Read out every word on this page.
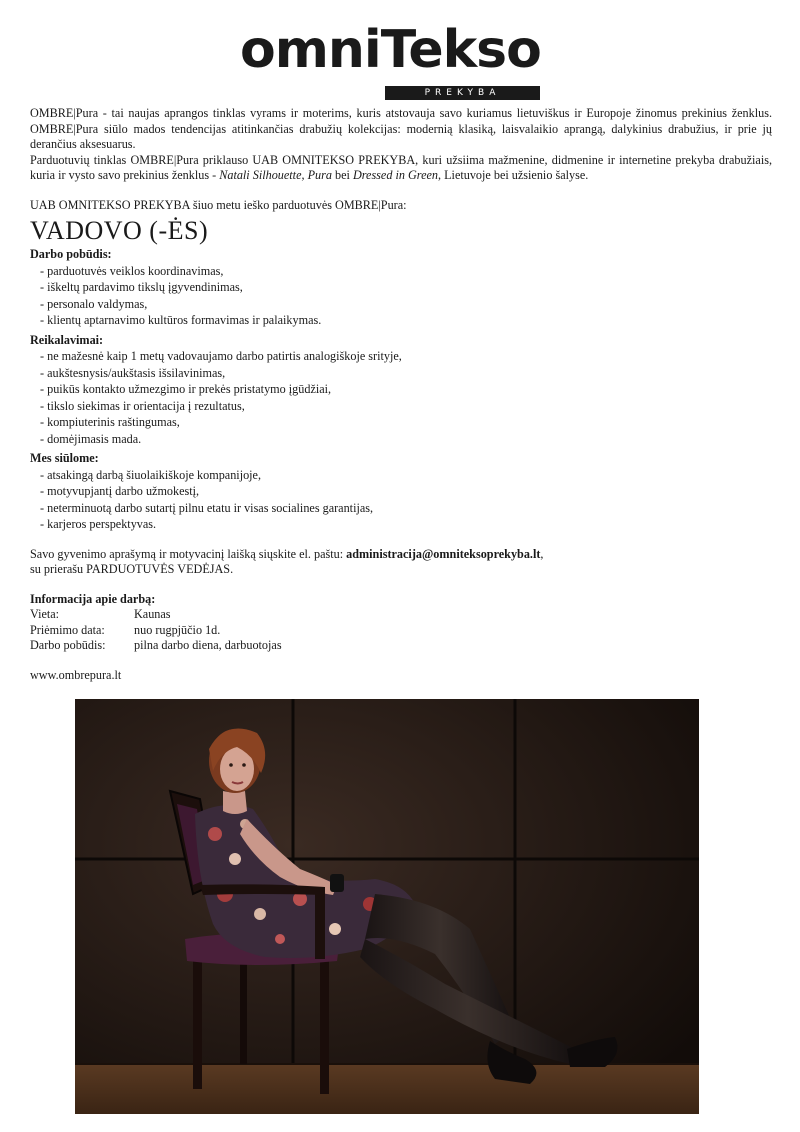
omniTekso
PREKYBA

OMBRE|Pura - tai naujas aprangos tinklas vyrams ir moterims, kuris atstovauja savo kuriamus lietuviškus ir Europoje žinomus prekinius ženklus. OMBRE|Pura siūlo mados tendencijas atitinkančias drabužių kolekcijas: modernią klasiką, laisvalaikio aprangą, dalykinius drabužius, ir prie jų derančius aksesuarus.

Parduotuvių tinklas OMBRE|Pura priklauso UAB OMNITEKSO PREKYBA, kuri užsiima mažmenine, didmenine ir internetine prekyba drabužiais, kuria ir vysto savo prekinius ženklus - Natali Silhouette, Pura bei Dressed in Green, Lietuvoje bei užsienio šalyse.

UAB OMNITEKSO PREKYBA šiuo metu ieško parduotuvės OMBRE|Pura:
VADOVO (-ĖS)
Darbo pobūdis:
- parduotuvės veiklos koordinavimas,
- iškeltų pardavimo tikslų įgyvendinimas,
- personalo valdymas,
- klientų aptarnavimo kultūros formavimas ir palaikymas.
Reikalavimai:
- ne mažesnė kaip 1 metų vadovaujamo darbo patirtis analogiškoje srityje,
- aukštesnysis/aukštasis išsilavinimas,
- puikūs kontakto užmezgimo ir prekės pristatymo įgūdžiai,
- tikslo siekimas ir orientacija į rezultatus,
- kompiuterinis raštingumas,
- domėjimasis mada.
Mes siūlome:
- atsakingą darbą šiuolaikiškoje kompanijoje,
- motyvupjantį darbo užmokestį,
- neterminuotą darbo sutartį pilnu etatu ir visas socialines garantijas,
- karjeros perspektyvas.
Savo gyvenimo aprašymą ir motyvacinį laišką siųskite el. paštu: administracija@omniteksoprekyba.lt,
su prierašu PARDUOTUVĖS VEDĖJAS.
Informacija apie darbą:
Vieta:	Kaunas
Priėmimo data:	nuo rugpjūčio 1d.
Darbo pobūdis:	pilna darbo diena, darbuotojas
www.ombrepura.lt
